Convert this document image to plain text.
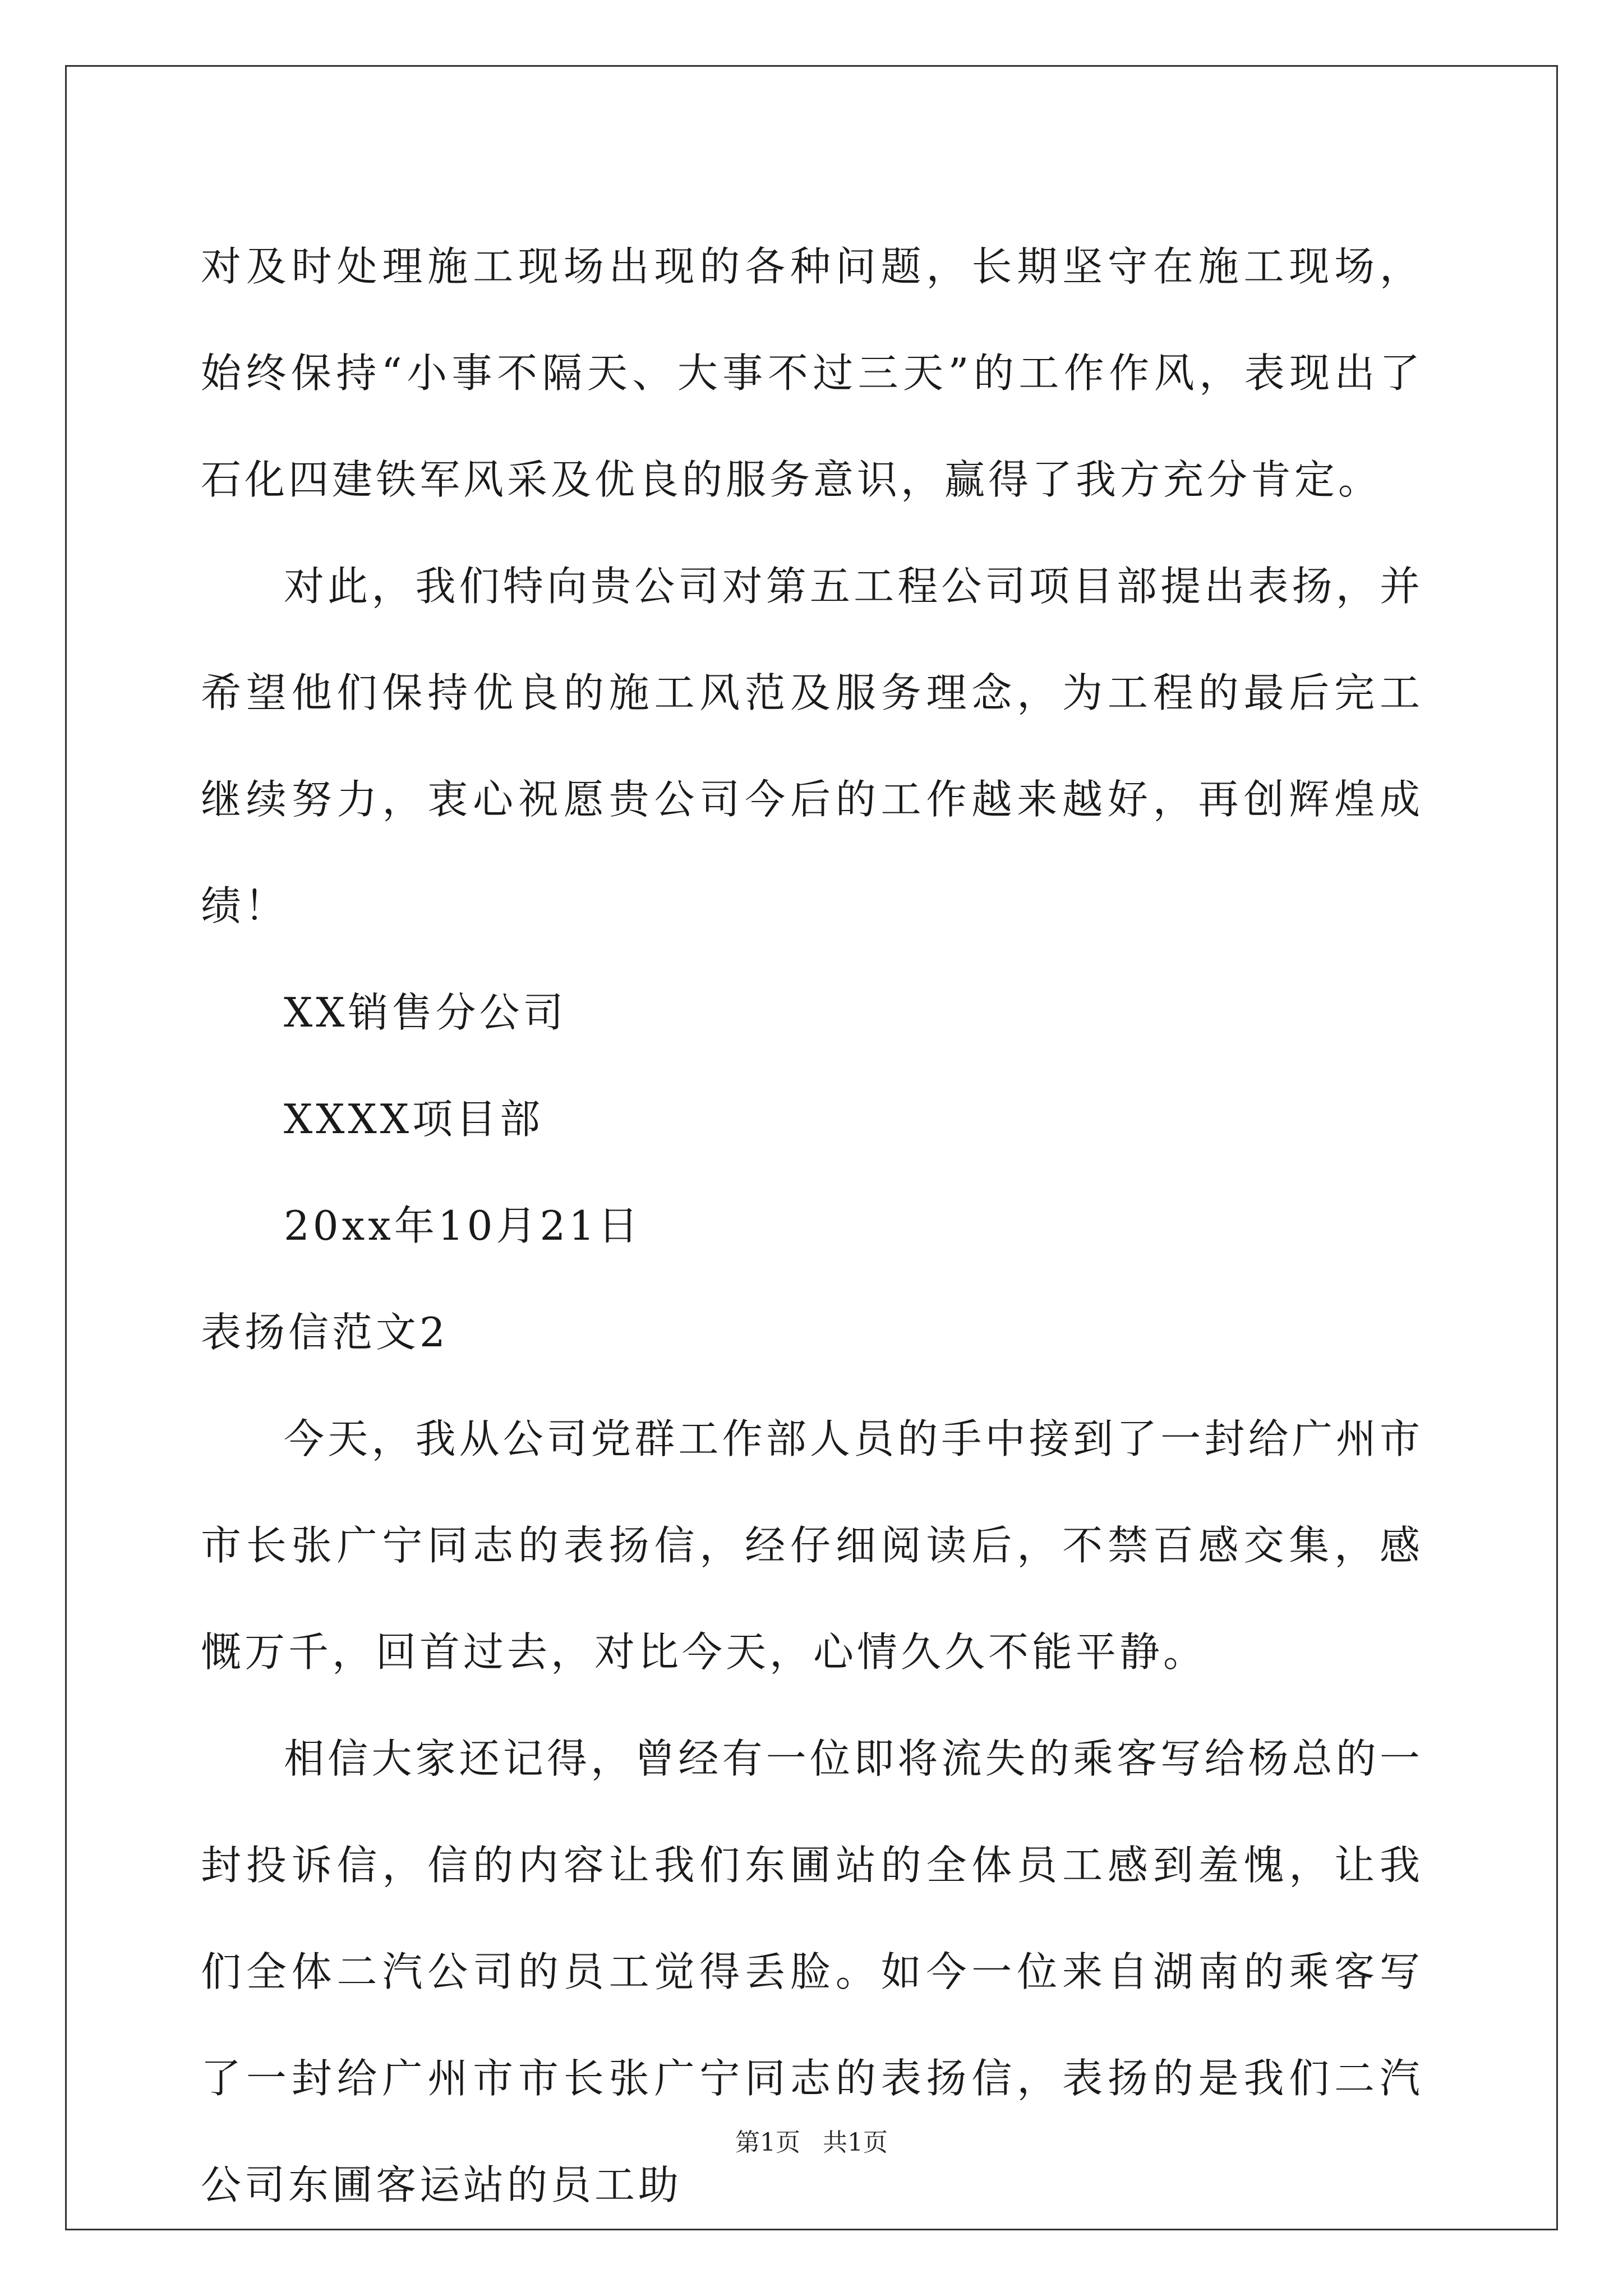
对及时处理施工现场出现的各种问题，长期坚守在施工现场，始终保持“小事不隔天、大事不过三天”的工作作风，表现出了石化四建铁军风采及优良的服务意识，赢得了我方充分肯定。

对此，我们特向贵公司对第五工程公司项目部提出表扬，并希望他们保持优良的施工风范及服务理念，为工程的最后完工继续努力，衷心祝愿贵公司今后的工作越来越好，再创辉煌成绩！

XX销售分公司

XXXX项目部

20xx年10月21日

表扬信范文2

今天，我从公司党群工作部人员的手中接到了一封给广州市市长张广宁同志的表扬信，经仔细阅读后，不禁百感交集，感慨万千，回首过去，对比今天，心情久久不能平静。

相信大家还记得，曾经有一位即将流失的乘客写给杨总的一封投诉信，信的内容让我们东圃站的全体员工感到羞愧，让我们全体二汽公司的员工觉得丢脸。如今一位来自湖南的乘客写了一封给广州市市长张广宁同志的表扬信，表扬的是我们二汽公司东圃客运站的员工助

第1页 共1页
